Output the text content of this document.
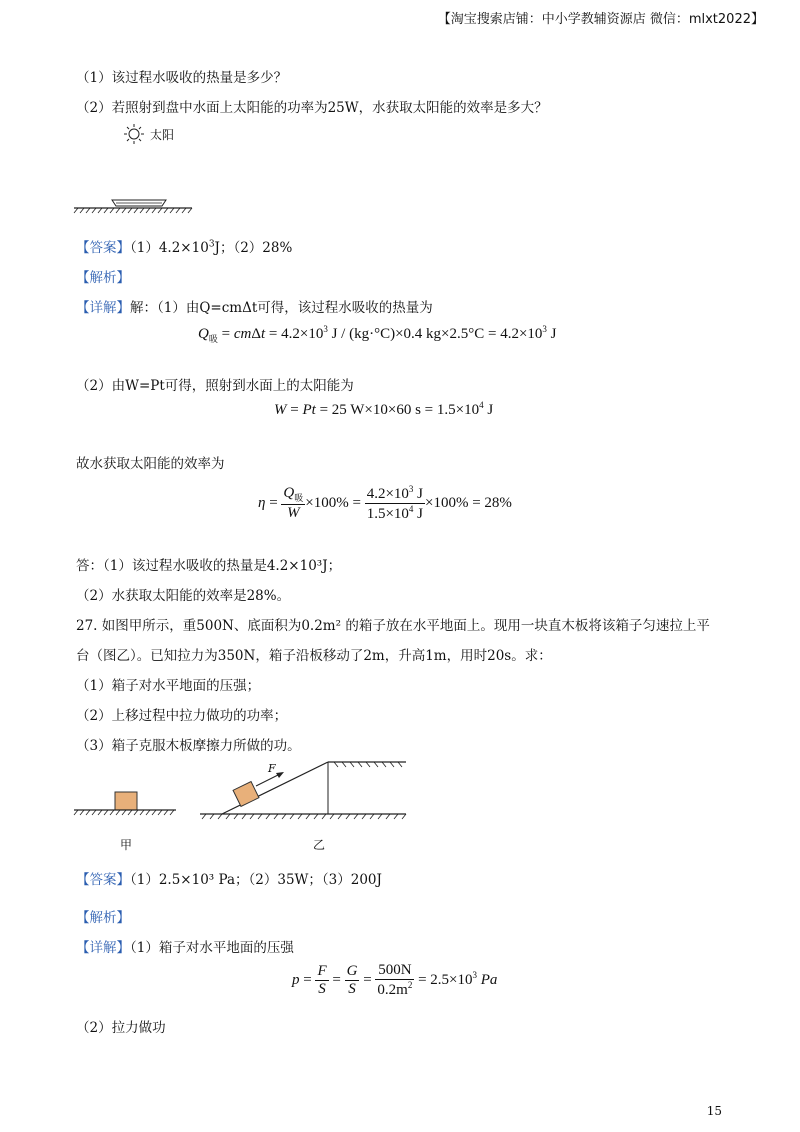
【淘宝搜索店铺：中小学教辅资源店 微信：mlxt2022】
（1）该过程水吸收的热量是多少？
（2）若照射到盘中水面上太阳能的功率为25W，水获取太阳能的效率是多大？
太阳
【答案】$(1)4.2\times 10^3J$；（2）28%
【解析】
【详解】解：（1）由Q=cmΔt可得，该过程水吸收的热量为
$Q_吸 = cm\Delta t = 4.2\times 10^3$ J / (kg·°C)×0.4 $kg\times 2.5^\circ C = 4.2\times 10^3$ J
（2）由W=Pt可得，照射到水面上的太阳能为
W = Pt = 25 W×10×60 $s = 1.5\times 10^4$ J
故水获取太阳能的效率为
$\eta = \frac{Q_吸}{W} \times 100\% = \frac{4.2\times 10^3 J}{1.5\times 10^4 J} \times 100\% = 28\%$
答：（1）该过程水吸收的热量是4.2×10³J；
（2）水获取太阳能的效率是28%。
27. 如图甲所示，重500N、底面积为0.2m² 的箱子放在水平地面上。现用一块直木板将该箱子匀速拉上平
台（图乙）。已知拉力为350N，箱子沿板移动了2m，升高1m，用时20s。求：
（1）箱子对水平地面的压强；
（2）上移过程中拉力做功的功率；
（3）箱子克服木板摩擦力所做的功。
F
甲	乙
【答案】（1）2.5×10³ Pa；（2）35W；（3）200J
【解析】
【详解】（1）箱子对水平地面的压强
$p = \frac{F}{S} = \frac{G}{S} = \frac{500N}{0.2m^2} = 2.5\times 10^3$ Pa
（2）拉力做功
15
